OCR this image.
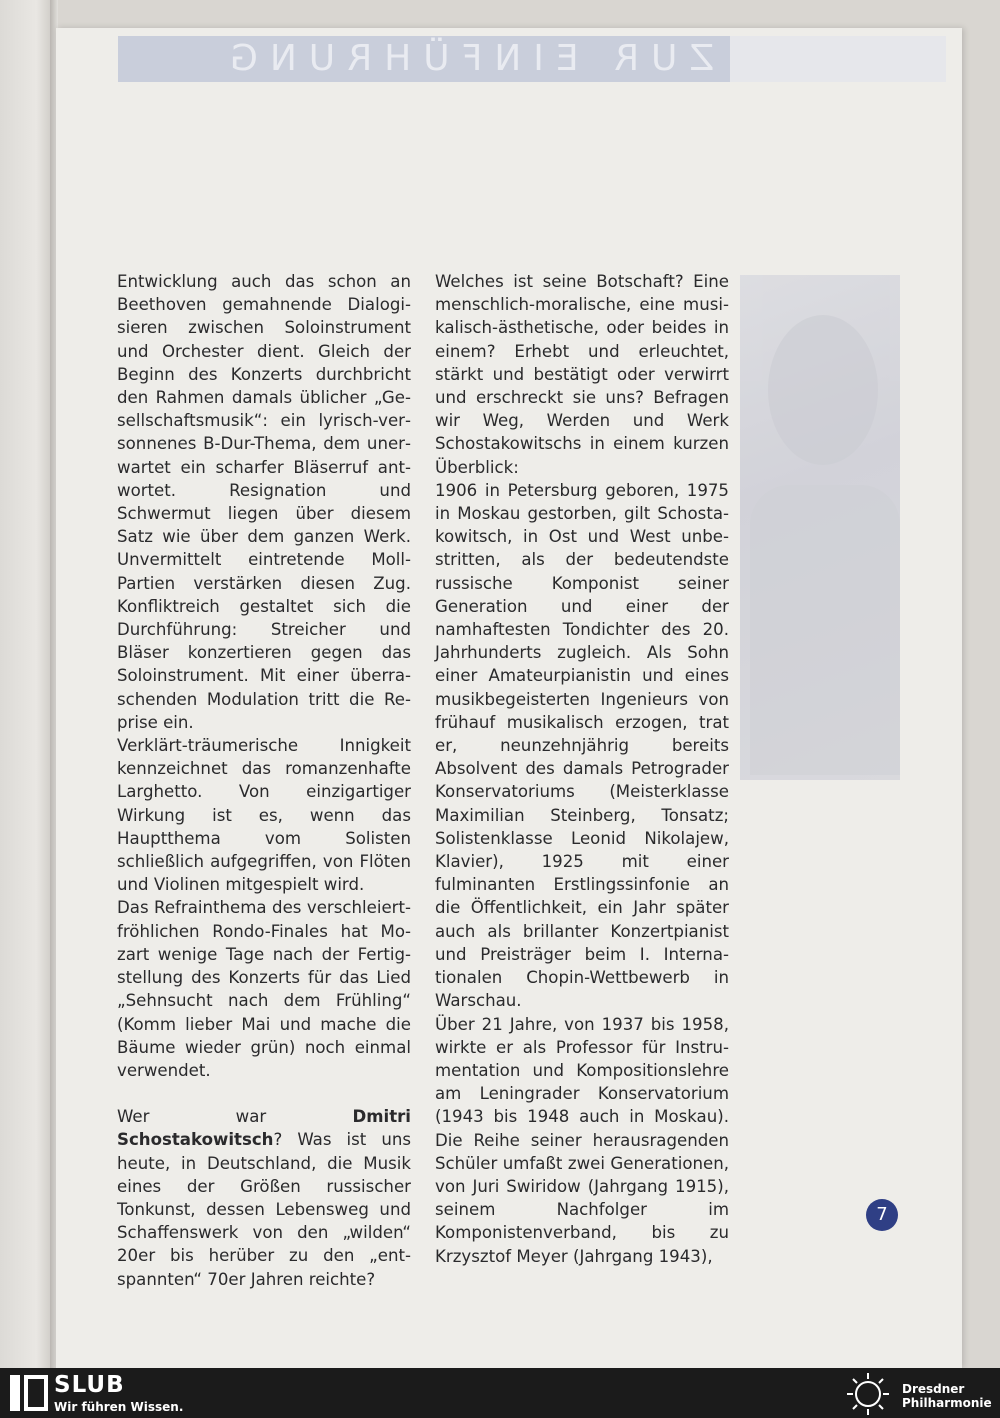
ZUR EINFÜHRUNG

Entwicklung auch das schon an Beethoven gemahnende Dialogisieren zwischen Soloinstrument und Orchester dient. Gleich der Beginn des Konzerts durchbricht den Rahmen damals üblicher „Gesellschaftsmusik“: ein lyrisch-versonnenes B-Dur-Thema, dem unerwartet ein scharfer Bläserruf antwortet. Resignation und Schwermut liegen über diesem Satz wie über dem ganzen Werk. Unvermittelt eintretende Moll-Partien verstärken diesen Zug. Konfliktreich gestaltet sich die Durchführung: Streicher und Bläser konzertieren gegen das Soloinstrument. Mit einer überraschenden Modulation tritt die Reprise ein.

Verklärt-träumerische Innigkeit kennzeichnet das romanzenhafte Larghetto. Von einzigartiger Wirkung ist es, wenn das Hauptthema vom Solisten schließlich aufgegriffen, von Flöten und Violinen mitgespielt wird.

Das Refrainthema des verschleiert-fröhlichen Rondo-Finales hat Mozart wenige Tage nach der Fertigstellung des Konzerts für das Lied „Sehnsucht nach dem Frühling“ (Komm lieber Mai und mache die Bäume wieder grün) noch einmal verwendet.

Wer war Dmitri Schostakowitsch? Was ist uns heute, in Deutschland, die Musik eines der Größen russischer Tonkunst, dessen Lebensweg und Schaffenswerk von den „wilden“ 20er bis herüber zu den „entspannten“ 70er Jahren reichte?

Welches ist seine Botschaft? Eine menschlich-moralische, eine musikalisch-ästhetische, oder beides in einem? Erhebt und erleuchtet, stärkt und bestätigt oder verwirrt und erschreckt sie uns? Befragen wir Weg, Werden und Werk Schostakowitschs in einem kurzen Überblick:

1906 in Petersburg geboren, 1975 in Moskau gestorben, gilt Schostakowitsch, in Ost und West unbestritten, als der bedeutendste russische Komponist seiner Generation und einer der namhaftesten Tondichter des 20. Jahrhunderts zugleich. Als Sohn einer Amateurpianistin und eines musikbegeisterten Ingenieurs von frühauf musikalisch erzogen, trat er, neunzehnjährig bereits Absolvent des damals Petrograder Konservatoriums (Meisterklasse Maximilian Steinberg, Tonsatz; Solistenklasse Leonid Nikolajew, Klavier), 1925 mit einer fulminanten Erstlingssinfonie an die Öffentlichkeit, ein Jahr später auch als brillanter Konzertpianist und Preisträger beim I. Internationalen Chopin-Wettbewerb in Warschau.

Über 21 Jahre, von 1937 bis 1958, wirkte er als Professor für Instrumentation und Kompositionslehre am Leningrader Konservatorium (1943 bis 1948 auch in Moskau). Die Reihe seiner herausragenden Schüler umfaßt zwei Generationen, von Juri Swiridow (Jahrgang 1915), seinem Nachfolger im Komponistenverband, bis zu Krzysztof Meyer (Jahrgang 1943),

7
SLUB
Wir führen Wissen.
Dresdner
Philharmonie
